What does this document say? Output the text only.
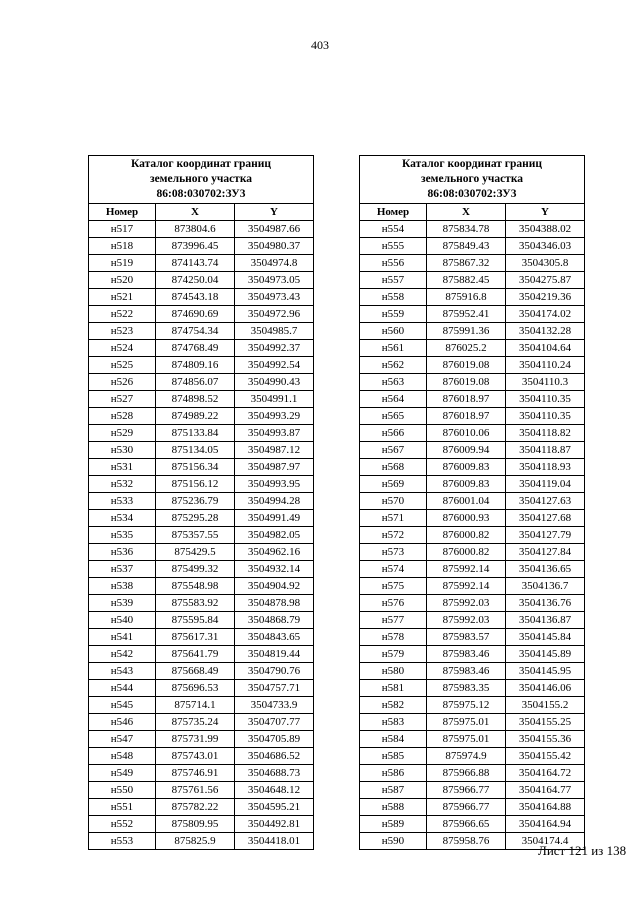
403
Каталог координат границ
земельного участка
86:08:030702:ЗУ3		

Номер	X	Y
н517	873804.6	3504987.66
н518	873996.45	3504980.37
н519	874143.74	3504974.8
н520	874250.04	3504973.05
н521	874543.18	3504973.43
н522	874690.69	3504972.96
н523	874754.34	3504985.7
н524	874768.49	3504992.37
н525	874809.16	3504992.54
н526	874856.07	3504990.43
н527	874898.52	3504991.1
н528	874989.22	3504993.29
н529	875133.84	3504993.87
н530	875134.05	3504987.12
н531	875156.34	3504987.97
н532	875156.12	3504993.95
н533	875236.79	3504994.28
н534	875295.28	3504991.49
н535	875357.55	3504982.05
н536	875429.5	3504962.16
н537	875499.32	3504932.14
н538	875548.98	3504904.92
н539	875583.92	3504878.98
н540	875595.84	3504868.79
н541	875617.31	3504843.65
н542	875641.79	3504819.44
н543	875668.49	3504790.76
н544	875696.53	3504757.71
н545	875714.1	3504733.9
н546	875735.24	3504707.77
н547	875731.99	3504705.89
н548	875743.01	3504686.52
н549	875746.91	3504688.73
н550	875761.56	3504648.12
н551	875782.22	3504595.21
н552	875809.95	3504492.81
н553	875825.9	3504418.01
Каталог координат границ
земельного участка
86:08:030702:ЗУ3		

Номер	X	Y
н554	875834.78	3504388.02
н555	875849.43	3504346.03
н556	875867.32	3504305.8
н557	875882.45	3504275.87
н558	875916.8	3504219.36
н559	875952.41	3504174.02
н560	875991.36	3504132.28
н561	876025.2	3504104.64
н562	876019.08	3504110.24
н563	876019.08	3504110.3
н564	876018.97	3504110.35
н565	876018.97	3504110.35
н566	876010.06	3504118.82
н567	876009.94	3504118.87
н568	876009.83	3504118.93
н569	876009.83	3504119.04
н570	876001.04	3504127.63
н571	876000.93	3504127.68
н572	876000.82	3504127.79
н573	876000.82	3504127.84
н574	875992.14	3504136.65
н575	875992.14	3504136.7
н576	875992.03	3504136.76
н577	875992.03	3504136.87
н578	875983.57	3504145.84
н579	875983.46	3504145.89
н580	875983.46	3504145.95
н581	875983.35	3504146.06
н582	875975.12	3504155.2
н583	875975.01	3504155.25
н584	875975.01	3504155.36
н585	875974.9	3504155.42
н586	875966.88	3504164.72
н587	875966.77	3504164.77
н588	875966.77	3504164.88
н589	875966.65	3504164.94
н590	875958.76	3504174.4
Лист 121 из 138
